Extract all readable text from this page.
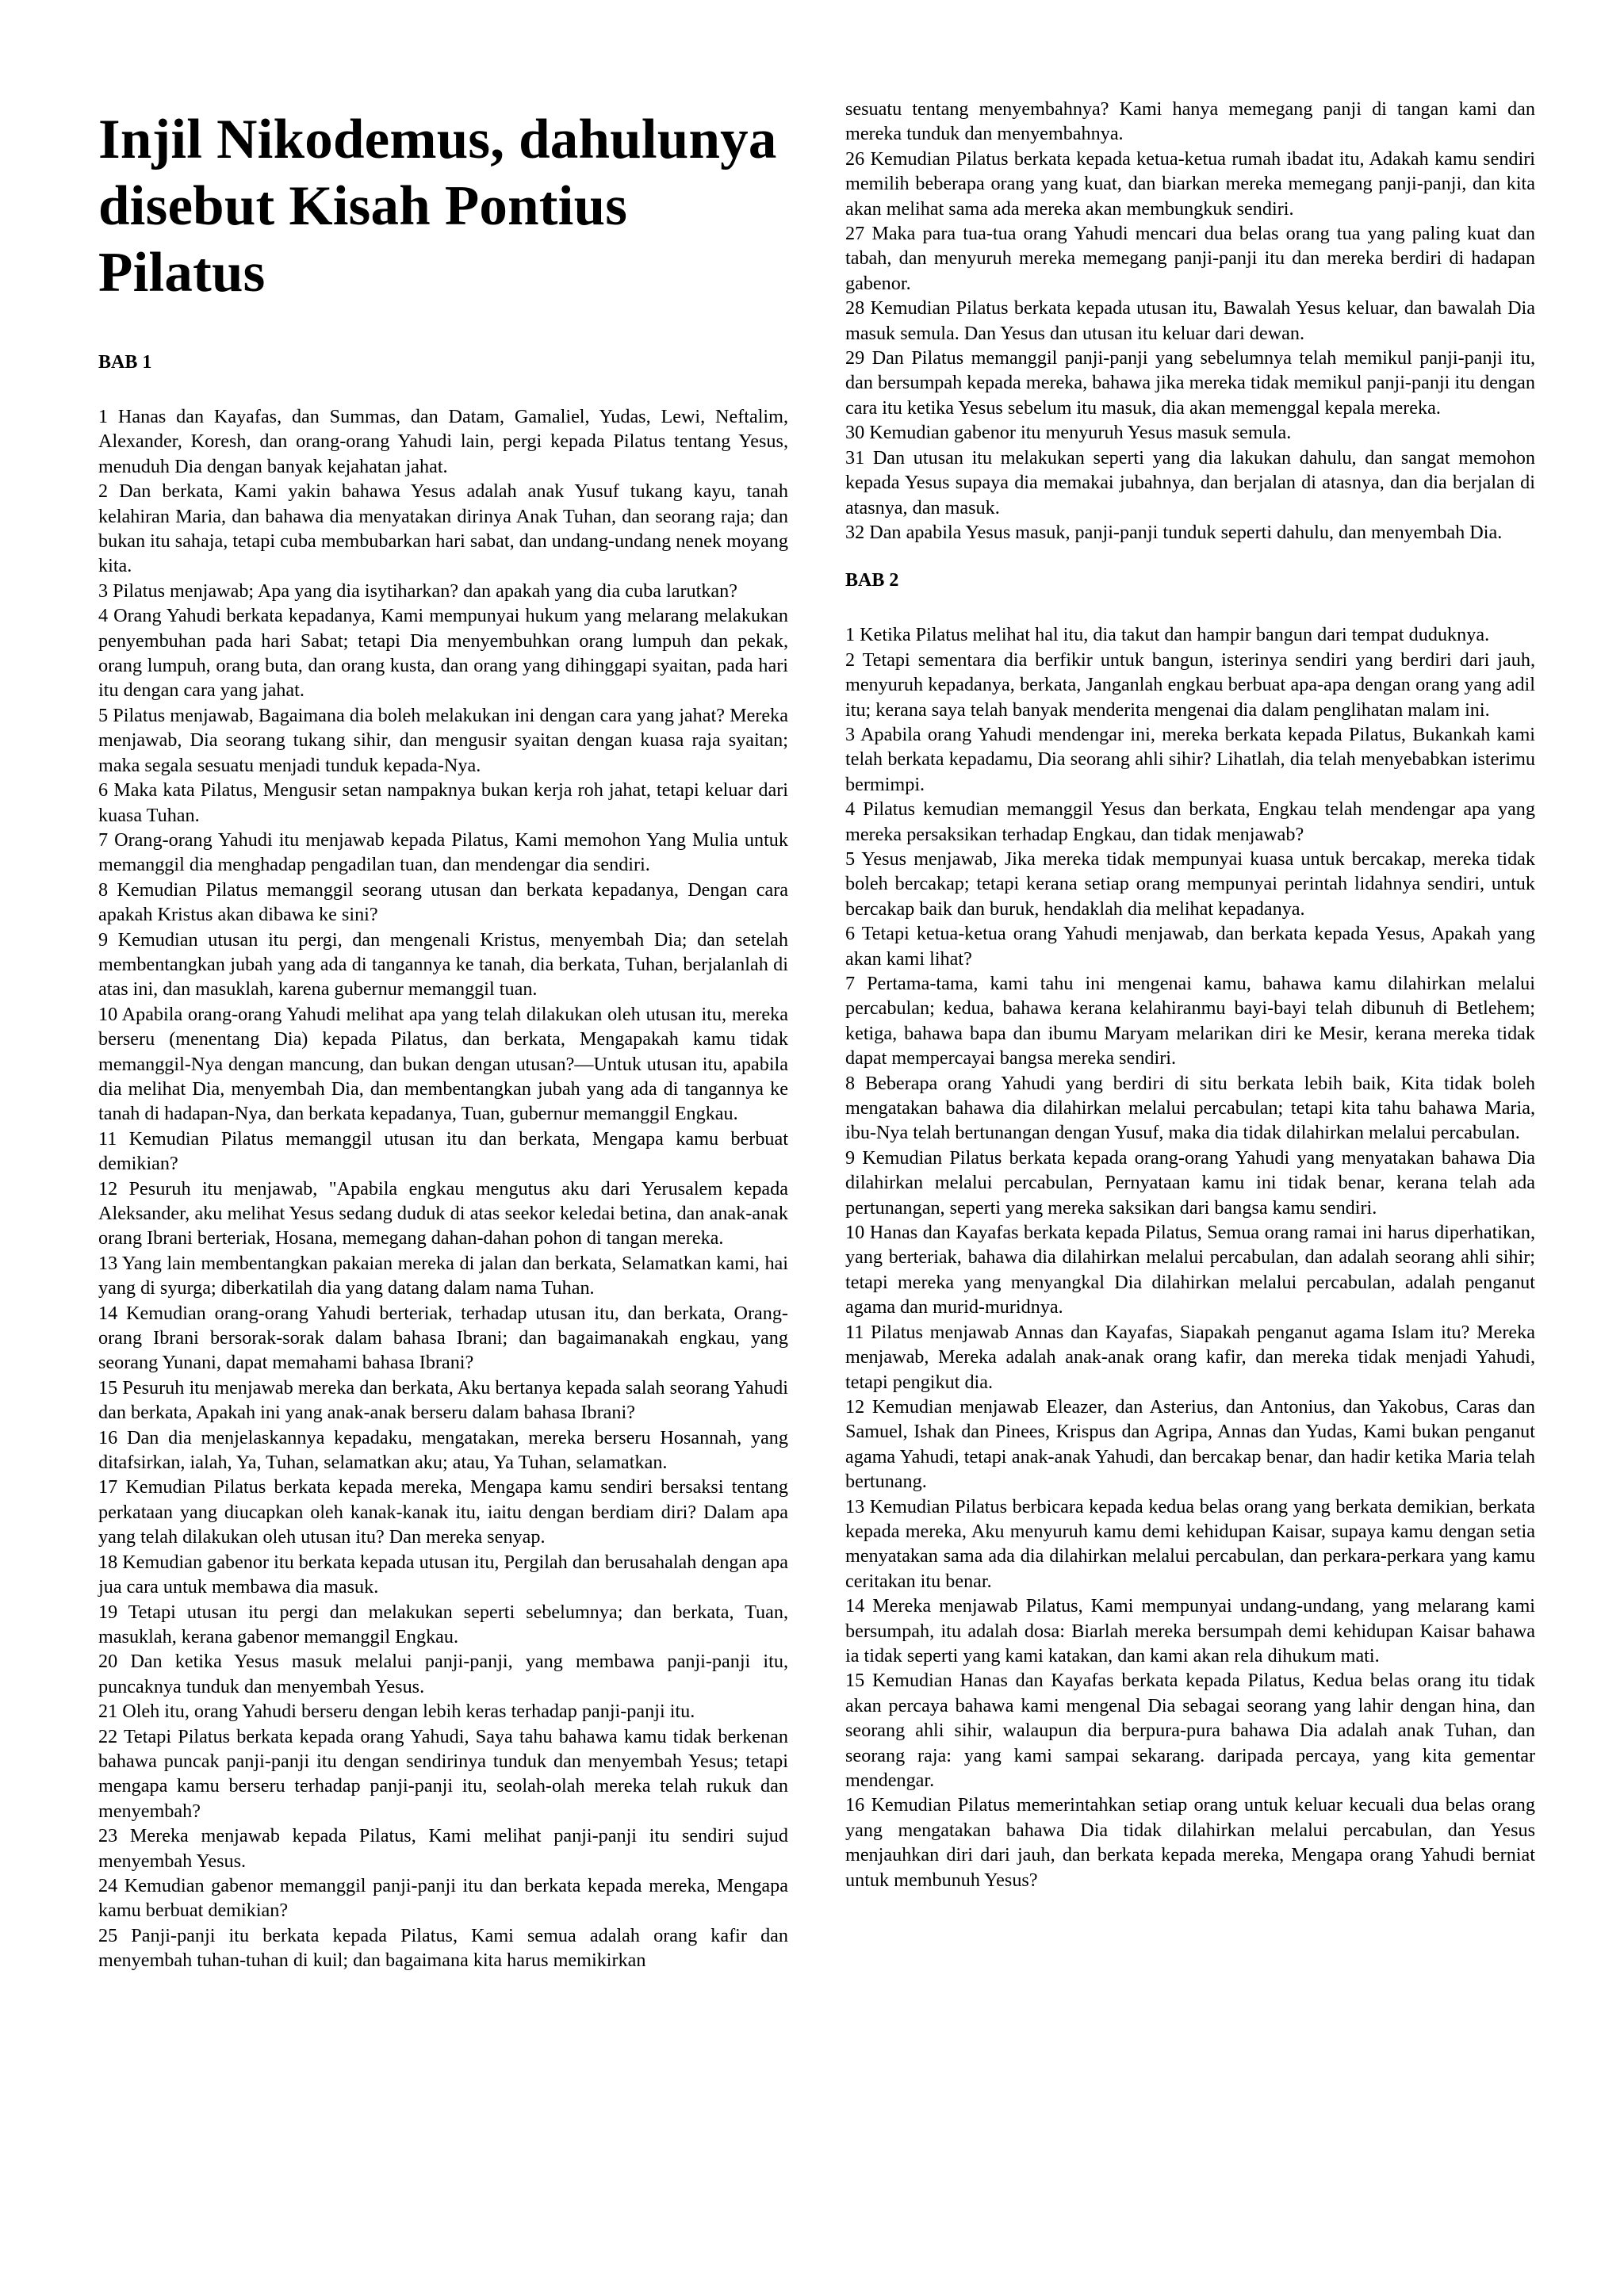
Injil Nikodemus, dahulunya disebut Kisah Pontius Pilatus
BAB 1

1 Hanas dan Kayafas, dan Summas, dan Datam, Gamaliel, Yudas, Lewi, Neftalim, Alexander, Koresh, dan orang-orang Yahudi lain, pergi kepada Pilatus tentang Yesus, menuduh Dia dengan banyak kejahatan jahat.

2 Dan berkata, Kami yakin bahawa Yesus adalah anak Yusuf tukang kayu, tanah kelahiran Maria, dan bahawa dia menyatakan dirinya Anak Tuhan, dan seorang raja; dan bukan itu sahaja, tetapi cuba membubarkan hari sabat, dan undang-undang nenek moyang kita.

3 Pilatus menjawab; Apa yang dia isytiharkan? dan apakah yang dia cuba larutkan?

4 Orang Yahudi berkata kepadanya, Kami mempunyai hukum yang melarang melakukan penyembuhan pada hari Sabat; tetapi Dia menyembuhkan orang lumpuh dan pekak, orang lumpuh, orang buta, dan orang kusta, dan orang yang dihinggapi syaitan, pada hari itu dengan cara yang jahat.

5 Pilatus menjawab, Bagaimana dia boleh melakukan ini dengan cara yang jahat? Mereka menjawab, Dia seorang tukang sihir, dan mengusir syaitan dengan kuasa raja syaitan; maka segala sesuatu menjadi tunduk kepada-Nya.

6 Maka kata Pilatus, Mengusir setan nampaknya bukan kerja roh jahat, tetapi keluar dari kuasa Tuhan.

7 Orang-orang Yahudi itu menjawab kepada Pilatus, Kami memohon Yang Mulia untuk memanggil dia menghadap pengadilan tuan, dan mendengar dia sendiri.

8 Kemudian Pilatus memanggil seorang utusan dan berkata kepadanya, Dengan cara apakah Kristus akan dibawa ke sini?

9 Kemudian utusan itu pergi, dan mengenali Kristus, menyembah Dia; dan setelah membentangkan jubah yang ada di tangannya ke tanah, dia berkata, Tuhan, berjalanlah di atas ini, dan masuklah, karena gubernur memanggil tuan.

10 Apabila orang-orang Yahudi melihat apa yang telah dilakukan oleh utusan itu, mereka berseru (menentang Dia) kepada Pilatus, dan berkata, Mengapakah kamu tidak memanggil-Nya dengan mancung, dan bukan dengan utusan?—Untuk utusan itu, apabila dia melihat Dia, menyembah Dia, dan membentangkan jubah yang ada di tangannya ke tanah di hadapan-Nya, dan berkata kepadanya, Tuan, gubernur memanggil Engkau.

11 Kemudian Pilatus memanggil utusan itu dan berkata, Mengapa kamu berbuat demikian?

12 Pesuruh itu menjawab, "Apabila engkau mengutus aku dari Yerusalem kepada Aleksander, aku melihat Yesus sedang duduk di atas seekor keledai betina, dan anak-anak orang Ibrani berteriak, Hosana, memegang dahan-dahan pohon di tangan mereka.

13 Yang lain membentangkan pakaian mereka di jalan dan berkata, Selamatkan kami, hai yang di syurga; diberkatilah dia yang datang dalam nama Tuhan.

14 Kemudian orang-orang Yahudi berteriak, terhadap utusan itu, dan berkata, Orang-orang Ibrani bersorak-sorak dalam bahasa Ibrani; dan bagaimanakah engkau, yang seorang Yunani, dapat memahami bahasa Ibrani?

15 Pesuruh itu menjawab mereka dan berkata, Aku bertanya kepada salah seorang Yahudi dan berkata, Apakah ini yang anak-anak berseru dalam bahasa Ibrani?

16 Dan dia menjelaskannya kepadaku, mengatakan, mereka berseru Hosannah, yang ditafsirkan, ialah, Ya, Tuhan, selamatkan aku; atau, Ya Tuhan, selamatkan.

17 Kemudian Pilatus berkata kepada mereka, Mengapa kamu sendiri bersaksi tentang perkataan yang diucapkan oleh kanak-kanak itu, iaitu dengan berdiam diri? Dalam apa yang telah dilakukan oleh utusan itu? Dan mereka senyap.

18 Kemudian gabenor itu berkata kepada utusan itu, Pergilah dan berusahalah dengan apa jua cara untuk membawa dia masuk.

19 Tetapi utusan itu pergi dan melakukan seperti sebelumnya; dan berkata, Tuan, masuklah, kerana gabenor memanggil Engkau.

20 Dan ketika Yesus masuk melalui panji-panji, yang membawa panji-panji itu, puncaknya tunduk dan menyembah Yesus.

21 Oleh itu, orang Yahudi berseru dengan lebih keras terhadap panji-panji itu.

22 Tetapi Pilatus berkata kepada orang Yahudi, Saya tahu bahawa kamu tidak berkenan bahawa puncak panji-panji itu dengan sendirinya tunduk dan menyembah Yesus; tetapi mengapa kamu berseru terhadap panji-panji itu, seolah-olah mereka telah rukuk dan menyembah?

23 Mereka menjawab kepada Pilatus, Kami melihat panji-panji itu sendiri sujud menyembah Yesus.

24 Kemudian gabenor memanggil panji-panji itu dan berkata kepada mereka, Mengapa kamu berbuat demikian?

25 Panji-panji itu berkata kepada Pilatus, Kami semua adalah orang kafir dan menyembah tuhan-tuhan di kuil; dan bagaimana kita harus memikirkan

sesuatu tentang menyembahnya? Kami hanya memegang panji di tangan kami dan mereka tunduk dan menyembahnya.

26 Kemudian Pilatus berkata kepada ketua-ketua rumah ibadat itu, Adakah kamu sendiri memilih beberapa orang yang kuat, dan biarkan mereka memegang panji-panji, dan kita akan melihat sama ada mereka akan membungkuk sendiri.

27 Maka para tua-tua orang Yahudi mencari dua belas orang tua yang paling kuat dan tabah, dan menyuruh mereka memegang panji-panji itu dan mereka berdiri di hadapan gabenor.

28 Kemudian Pilatus berkata kepada utusan itu, Bawalah Yesus keluar, dan bawalah Dia masuk semula. Dan Yesus dan utusan itu keluar dari dewan.

29 Dan Pilatus memanggil panji-panji yang sebelumnya telah memikul panji-panji itu, dan bersumpah kepada mereka, bahawa jika mereka tidak memikul panji-panji itu dengan cara itu ketika Yesus sebelum itu masuk, dia akan memenggal kepala mereka.

30 Kemudian gabenor itu menyuruh Yesus masuk semula.

31 Dan utusan itu melakukan seperti yang dia lakukan dahulu, dan sangat memohon kepada Yesus supaya dia memakai jubahnya, dan berjalan di atasnya, dan dia berjalan di atasnya, dan masuk.

32 Dan apabila Yesus masuk, panji-panji tunduk seperti dahulu, dan menyembah Dia.

BAB 2

1 Ketika Pilatus melihat hal itu, dia takut dan hampir bangun dari tempat duduknya.

2 Tetapi sementara dia berfikir untuk bangun, isterinya sendiri yang berdiri dari jauh, menyuruh kepadanya, berkata, Janganlah engkau berbuat apa-apa dengan orang yang adil itu; kerana saya telah banyak menderita mengenai dia dalam penglihatan malam ini.

3 Apabila orang Yahudi mendengar ini, mereka berkata kepada Pilatus, Bukankah kami telah berkata kepadamu, Dia seorang ahli sihir? Lihatlah, dia telah menyebabkan isterimu bermimpi.

4 Pilatus kemudian memanggil Yesus dan berkata, Engkau telah mendengar apa yang mereka persaksikan terhadap Engkau, dan tidak menjawab?

5 Yesus menjawab, Jika mereka tidak mempunyai kuasa untuk bercakap, mereka tidak boleh bercakap; tetapi kerana setiap orang mempunyai perintah lidahnya sendiri, untuk bercakap baik dan buruk, hendaklah dia melihat kepadanya.

6 Tetapi ketua-ketua orang Yahudi menjawab, dan berkata kepada Yesus, Apakah yang akan kami lihat?

7 Pertama-tama, kami tahu ini mengenai kamu, bahawa kamu dilahirkan melalui percabulan; kedua, bahawa kerana kelahiranmu bayi-bayi telah dibunuh di Betlehem; ketiga, bahawa bapa dan ibumu Maryam melarikan diri ke Mesir, kerana mereka tidak dapat mempercayai bangsa mereka sendiri.

8 Beberapa orang Yahudi yang berdiri di situ berkata lebih baik, Kita tidak boleh mengatakan bahawa dia dilahirkan melalui percabulan; tetapi kita tahu bahawa Maria, ibu-Nya telah bertunangan dengan Yusuf, maka dia tidak dilahirkan melalui percabulan.

9 Kemudian Pilatus berkata kepada orang-orang Yahudi yang menyatakan bahawa Dia dilahirkan melalui percabulan, Pernyataan kamu ini tidak benar, kerana telah ada pertunangan, seperti yang mereka saksikan dari bangsa kamu sendiri.

10 Hanas dan Kayafas berkata kepada Pilatus, Semua orang ramai ini harus diperhatikan, yang berteriak, bahawa dia dilahirkan melalui percabulan, dan adalah seorang ahli sihir; tetapi mereka yang menyangkal Dia dilahirkan melalui percabulan, adalah penganut agama dan murid-muridnya.

11 Pilatus menjawab Annas dan Kayafas, Siapakah penganut agama Islam itu? Mereka menjawab, Mereka adalah anak-anak orang kafir, dan mereka tidak menjadi Yahudi, tetapi pengikut dia.

12 Kemudian menjawab Eleazer, dan Asterius, dan Antonius, dan Yakobus, Caras dan Samuel, Ishak dan Pinees, Krispus dan Agripa, Annas dan Yudas, Kami bukan penganut agama Yahudi, tetapi anak-anak Yahudi, dan bercakap benar, dan hadir ketika Maria telah bertunang.

13 Kemudian Pilatus berbicara kepada kedua belas orang yang berkata demikian, berkata kepada mereka, Aku menyuruh kamu demi kehidupan Kaisar, supaya kamu dengan setia menyatakan sama ada dia dilahirkan melalui percabulan, dan perkara-perkara yang kamu ceritakan itu benar.

14 Mereka menjawab Pilatus, Kami mempunyai undang-undang, yang melarang kami bersumpah, itu adalah dosa: Biarlah mereka bersumpah demi kehidupan Kaisar bahawa ia tidak seperti yang kami katakan, dan kami akan rela dihukum mati.

15 Kemudian Hanas dan Kayafas berkata kepada Pilatus, Kedua belas orang itu tidak akan percaya bahawa kami mengenal Dia sebagai seorang yang lahir dengan hina, dan seorang ahli sihir, walaupun dia berpura-pura bahawa Dia adalah anak Tuhan, dan seorang raja: yang kami sampai sekarang. daripada percaya, yang kita gementar mendengar.

16 Kemudian Pilatus memerintahkan setiap orang untuk keluar kecuali dua belas orang yang mengatakan bahawa Dia tidak dilahirkan melalui percabulan, dan Yesus menjauhkan diri dari jauh, dan berkata kepada mereka, Mengapa orang Yahudi berniat untuk membunuh Yesus?
